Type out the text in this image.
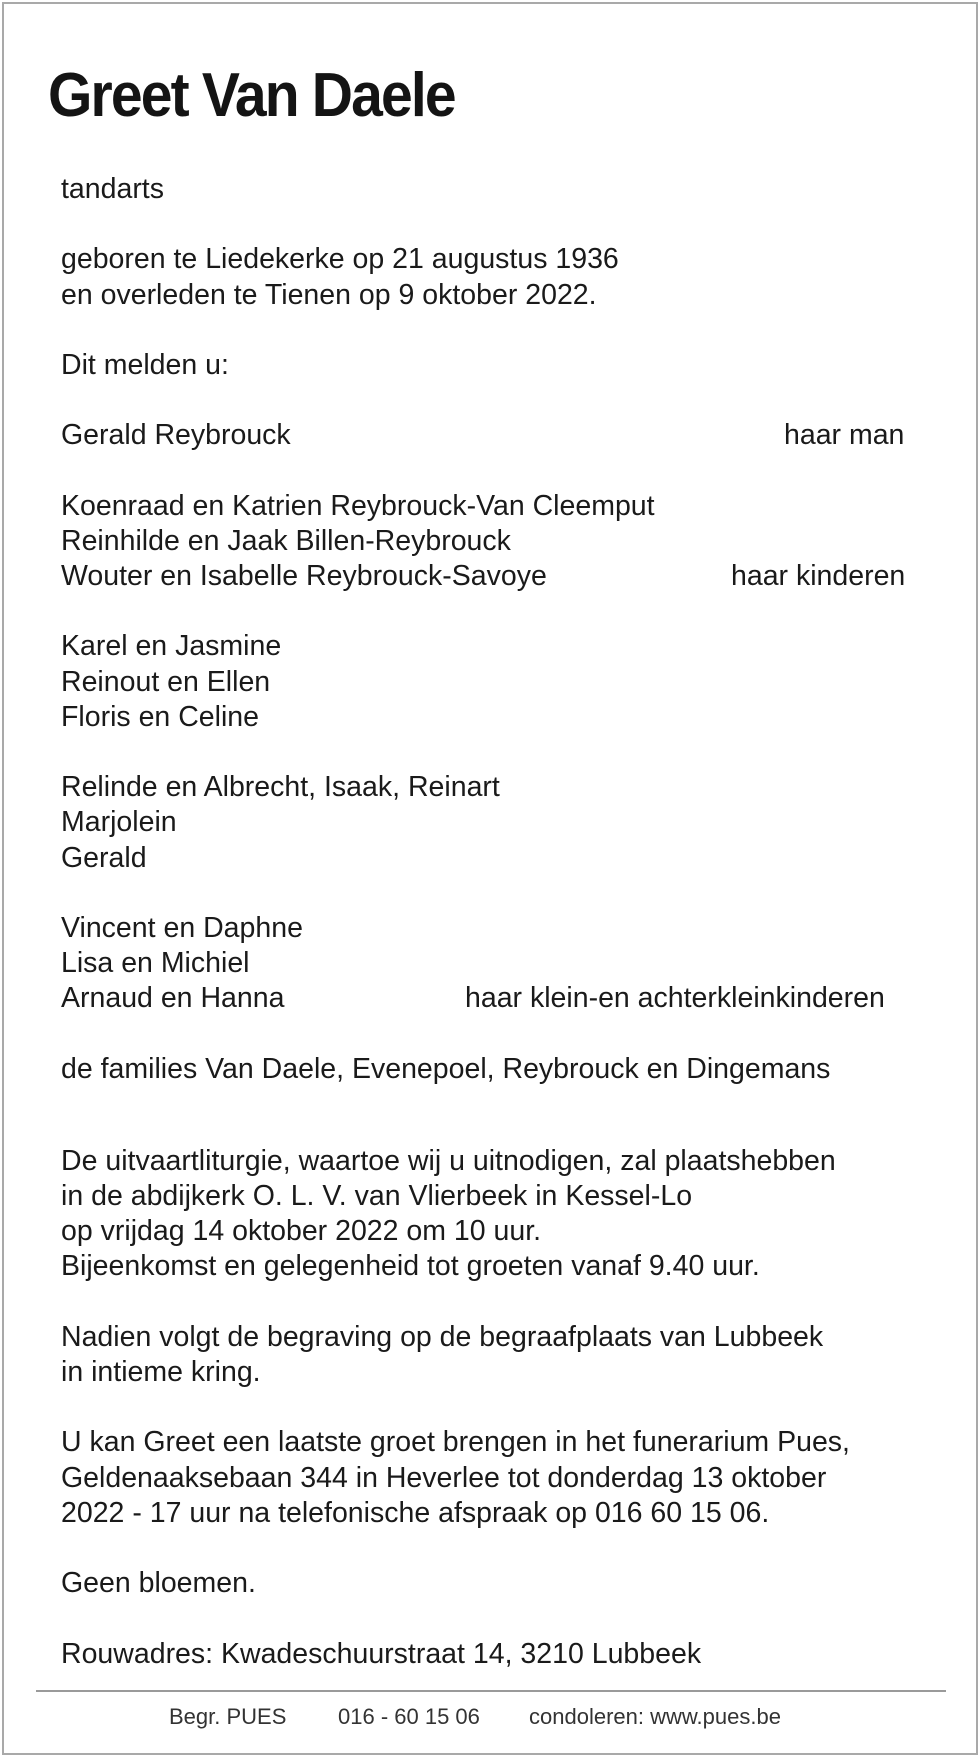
Greet Van Daele
tandarts
geboren te Liedekerke op 21 augustus 1936
en overleden te Tienen op 9 oktober 2022.
Dit melden u:
Gerald Reybrouck	haar man
Koenraad en Katrien Reybrouck-Van Cleemput
Reinhilde en Jaak Billen-Reybrouck
Wouter en Isabelle Reybrouck-Savoye	haar kinderen
Karel en Jasmine
Reinout en Ellen
Floris en Celine
Relinde en Albrecht, Isaak, Reinart
Marjolein
Gerald
Vincent en Daphne
Lisa en Michiel
Arnaud en Hanna	haar klein-en achterkleinkinderen
de families Van Daele, Evenepoel, Reybrouck en Dingemans
De uitvaartliturgie, waartoe wij u uitnodigen, zal plaatshebben
in de abdijkerk O. L. V. van Vlierbeek in Kessel-Lo
op vrijdag 14 oktober 2022 om 10 uur.
Bijeenkomst en gelegenheid tot groeten vanaf 9.40 uur.
Nadien volgt de begraving op de begraafplaats van Lubbeek
in intieme kring.
U kan Greet een laatste groet brengen in het funerarium Pues,
Geldenaaksebaan 344 in Heverlee tot donderdag 13 oktober
2022 - 17 uur na telefonische afspraak op 016 60 15 06.
Geen bloemen.
Rouwadres: Kwadeschuurstraat 14, 3210 Lubbeek
Begr. PUES 016 - 60 15 06 condoleren: www.pues.be
